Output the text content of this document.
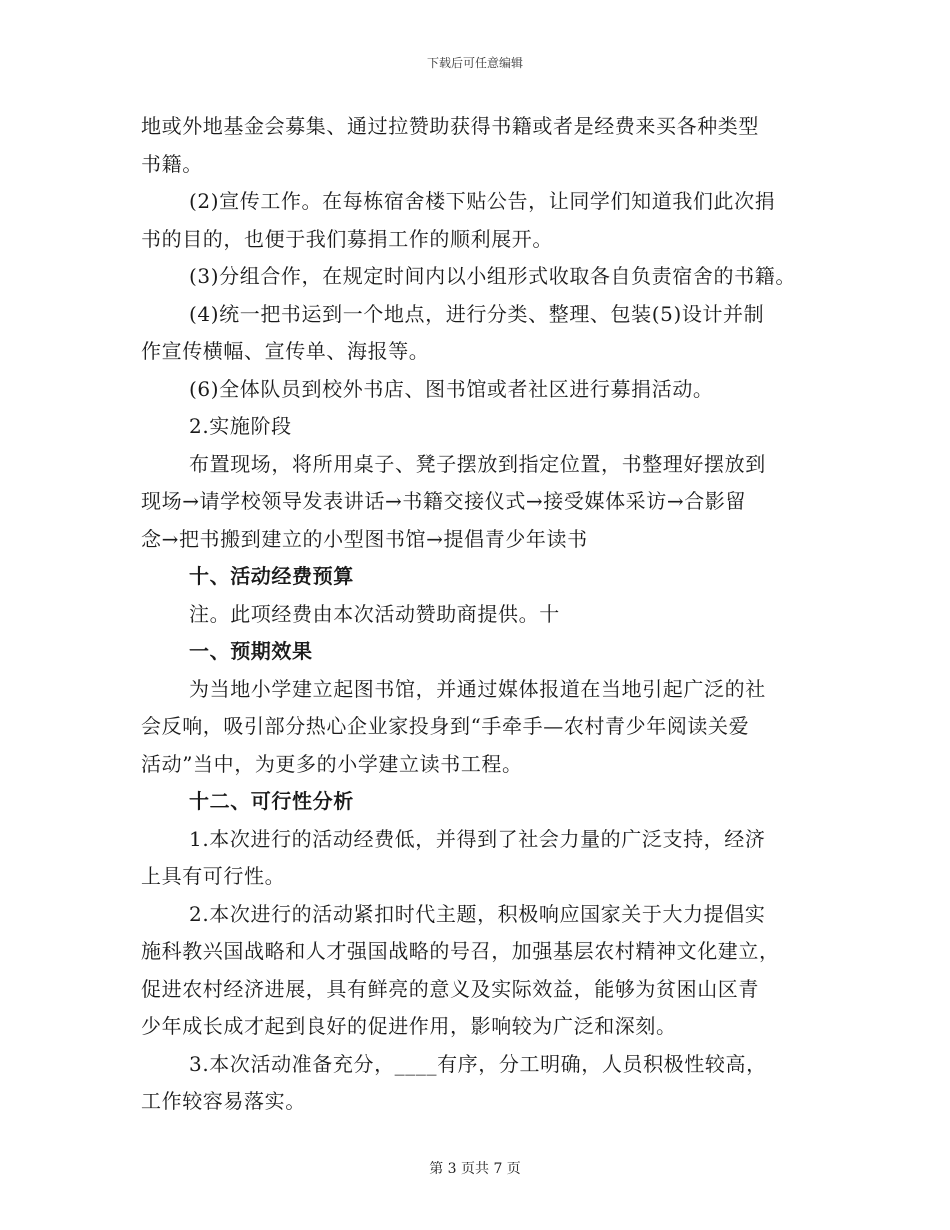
下载后可任意编辑
地或外地基金会募集、通过拉赞助获得书籍或者是经费来买各种类型
书籍。
(2)宣传工作。在每栋宿舍楼下贴公告，让同学们知道我们此次捐
书的目的，也便于我们募捐工作的顺利展开。
(3)分组合作，在规定时间内以小组形式收取各自负责宿舍的书籍。
(4)统一把书运到一个地点，进行分类、整理、包装(5)设计并制
作宣传横幅、宣传单、海报等。
(6)全体队员到校外书店、图书馆或者社区进行募捐活动。
2.实施阶段
布置现场，将所用桌子、凳子摆放到指定位置，书整理好摆放到
现场→请学校领导发表讲话→书籍交接仪式→接受媒体采访→合影留
念→把书搬到建立的小型图书馆→提倡青少年读书
十、活动经费预算
注。此项经费由本次活动赞助商提供。十
一、预期效果
为当地小学建立起图书馆，并通过媒体报道在当地引起广泛的社
会反响，吸引部分热心企业家投身到“手牵手—农村青少年阅读关爱
活动”当中，为更多的小学建立读书工程。
十二、可行性分析
1.本次进行的活动经费低，并得到了社会力量的广泛支持，经济
上具有可行性。
2.本次进行的活动紧扣时代主题，积极响应国家关于大力提倡实
施科教兴国战略和人才强国战略的号召，加强基层农村精神文化建立，
促进农村经济进展，具有鲜亮的意义及实际效益，能够为贫困山区青
少年成长成才起到良好的促进作用，影响较为广泛和深刻。
3.本次活动准备充分，____有序，分工明确，人员积极性较高，
工作较容易落实。
第 3 页共 7 页
